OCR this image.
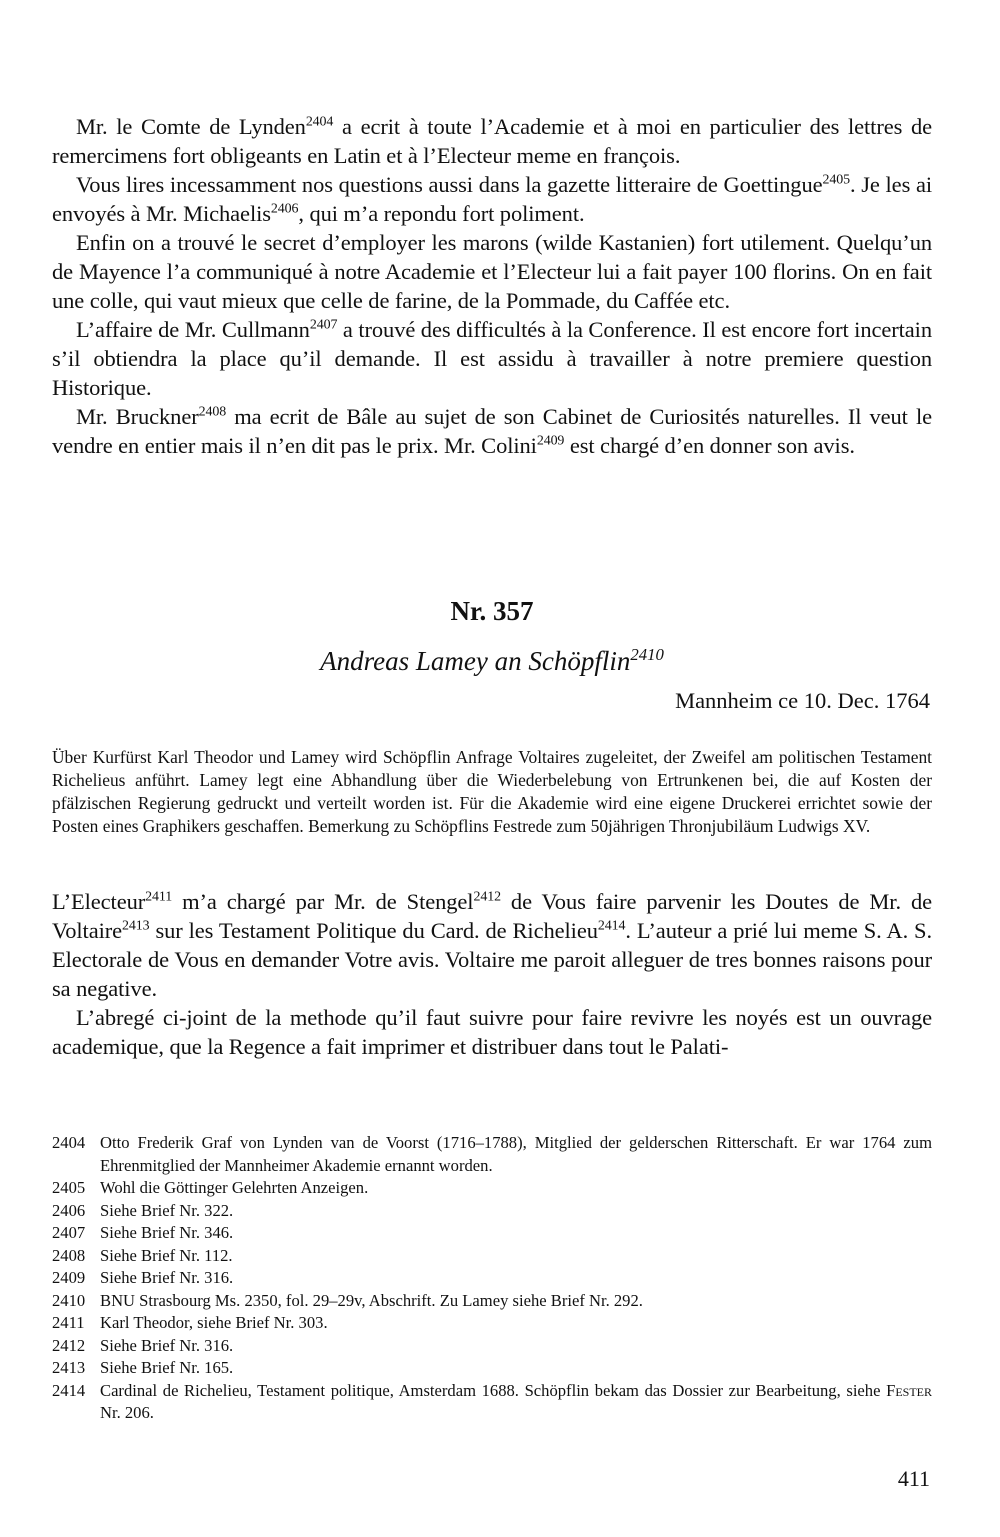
Mr. le Comte de Lynden$^{2404}$ a ecrit à toute l’Academie et à moi en particulier des lettres de remercimens fort obligeants en Latin et à l’Electeur meme en françois.

Vous lires incessamment nos questions aussi dans la gazette litteraire de Goettingue$^{2405}$. Je les ai envoyés à Mr. Michaelis$^{2406}$, qui m’a repondu fort poliment.

Enfin on a trouvé le secret d’employer les marons (wilde Kastanien) fort utilement. Quelqu’un de Mayence l’a communiqué à notre Academie et l’Electeur lui a fait payer 100 florins. On en fait une colle, qui vaut mieux que celle de farine, de la Pommade, du Caffée etc.

L’affaire de Mr. Cullmann$^{2407}$ a trouvé des difficultés à la Conference. Il est encore fort incertain s’il obtiendra la place qu’il demande. Il est assidu à travailler à notre premiere question Historique.

Mr. Bruckner$^{2408}$ ma ecrit de Bâle au sujet de son Cabinet de Curiosités naturelles. Il veut le vendre en entier mais il n’en dit pas le prix. Mr. Colini$^{2409}$ est chargé d’en donner son avis.

Nr. 357
Andreas Lamey an Schöpflin$^{2410}$
Mannheim ce 10. Dec. 1764

Über Kurfürst Karl Theodor und Lamey wird Schöpflin Anfrage Voltaires zugeleitet, der Zweifel am politischen Testament Richelieus anführt. Lamey legt eine Abhandlung über die Wiederbelebung von Ertrunkenen bei, die auf Kosten der pfälzischen Regierung gedruckt und verteilt worden ist. Für die Akademie wird eine eigene Druckerei errichtet sowie der Posten eines Graphikers geschaffen. Bemerkung zu Schöpflins Festrede zum 50jährigen Thronjubiläum Ludwigs XV.

L’Electeur$^{2411}$ m’a chargé par Mr. de Stengel$^{2412}$ de Vous faire parvenir les Doutes de Mr. de Voltaire$^{2413}$ sur les Testament Politique du Card. de Richelieu$^{2414}$. L’auteur a prié lui meme S. A. S. Electorale de Vous en demander Votre avis. Voltaire me paroit alleguer de tres bonnes raisons pour sa negative.

L’abregé ci-joint de la methode qu’il faut suivre pour faire revivre les noyés est un ouvrage academique, que la Regence a fait imprimer et distribuer dans tout le Palati-

2404 Otto Frederik Graf von Lynden van de Voorst (1716–1788), Mitglied der gelderschen Ritterschaft. Er war 1764 zum Ehrenmitglied der Mannheimer Akademie ernannt worden.
2405 Wohl die Göttinger Gelehrten Anzeigen.
2406 Siehe Brief Nr. 322.
2407 Siehe Brief Nr. 346.
2408 Siehe Brief Nr. 112.
2409 Siehe Brief Nr. 316.
2410 BNU Strasbourg Ms. 2350, fol. 29–29v, Abschrift. Zu Lamey siehe Brief Nr. 292.
2411 Karl Theodor, siehe Brief Nr. 303.
2412 Siehe Brief Nr. 316.
2413 Siehe Brief Nr. 165.
2414 Cardinal de Richelieu, Testament politique, Amsterdam 1688. Schöpflin bekam das Dossier zur Bearbeitung, siehe Fester Nr. 206.
411
